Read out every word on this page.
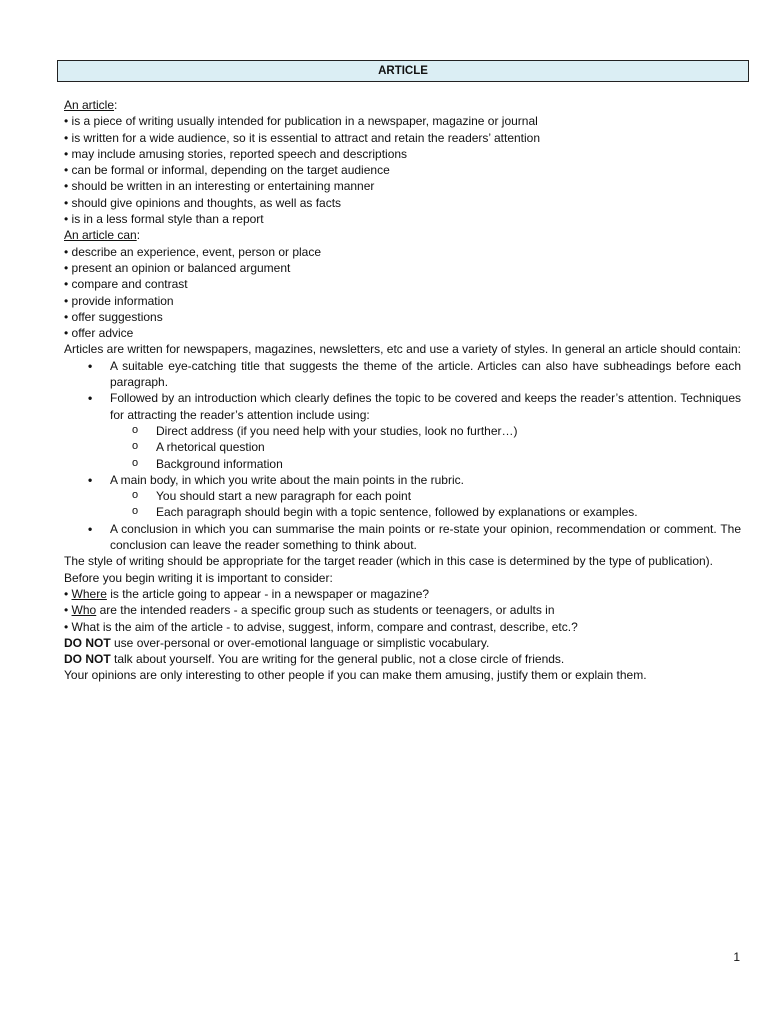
ARTICLE
An article:
• is a piece of writing usually intended for publication in a newspaper, magazine or journal
• is written for a wide audience, so it is essential to attract and retain the readers’ attention
• may include amusing stories, reported speech and descriptions
• can be formal or informal, depending on the target audience
• should be written in an interesting or entertaining manner
• should give opinions and thoughts, as well as facts
• is in a less formal style than a report
An article can:
• describe an experience, event, person or place
• present an opinion or balanced argument
• compare and contrast
• provide information
• offer suggestions
• offer advice
Articles are written for newspapers, magazines, newsletters, etc and use a variety of styles. In general an article should contain:
• A suitable eye-catching title that suggests the theme of the article. Articles can also have subheadings before each paragraph.
• Followed by an introduction which clearly defines the topic to be covered and keeps the reader’s attention. Techniques for attracting the reader’s attention include using:
o Direct address (if you need help with your studies, look no further…)
o A rhetorical question
o Background information
• A main body, in which you write about the main points in the rubric.
o You should start a new paragraph for each point
o Each paragraph should begin with a topic sentence, followed by explanations or examples.
• A conclusion in which you can summarise the main points or re-state your opinion, recommendation or comment. The conclusion can leave the reader something to think about.
The style of writing should be appropriate for the target reader (which in this case is determined by the type of publication).
Before you begin writing it is important to consider:
• Where is the article going to appear - in a newspaper or magazine?
• Who are the intended readers - a specific group such as students or teenagers, or adults in
• What is the aim of the article - to advise, suggest, inform, compare and contrast, describe, etc.?
DO NOT use over-personal or over-emotional language or simplistic vocabulary.
DO NOT talk about yourself. You are writing for the general public, not a close circle of friends.
Your opinions are only interesting to other people if you can make them amusing, justify them or explain them.
1
